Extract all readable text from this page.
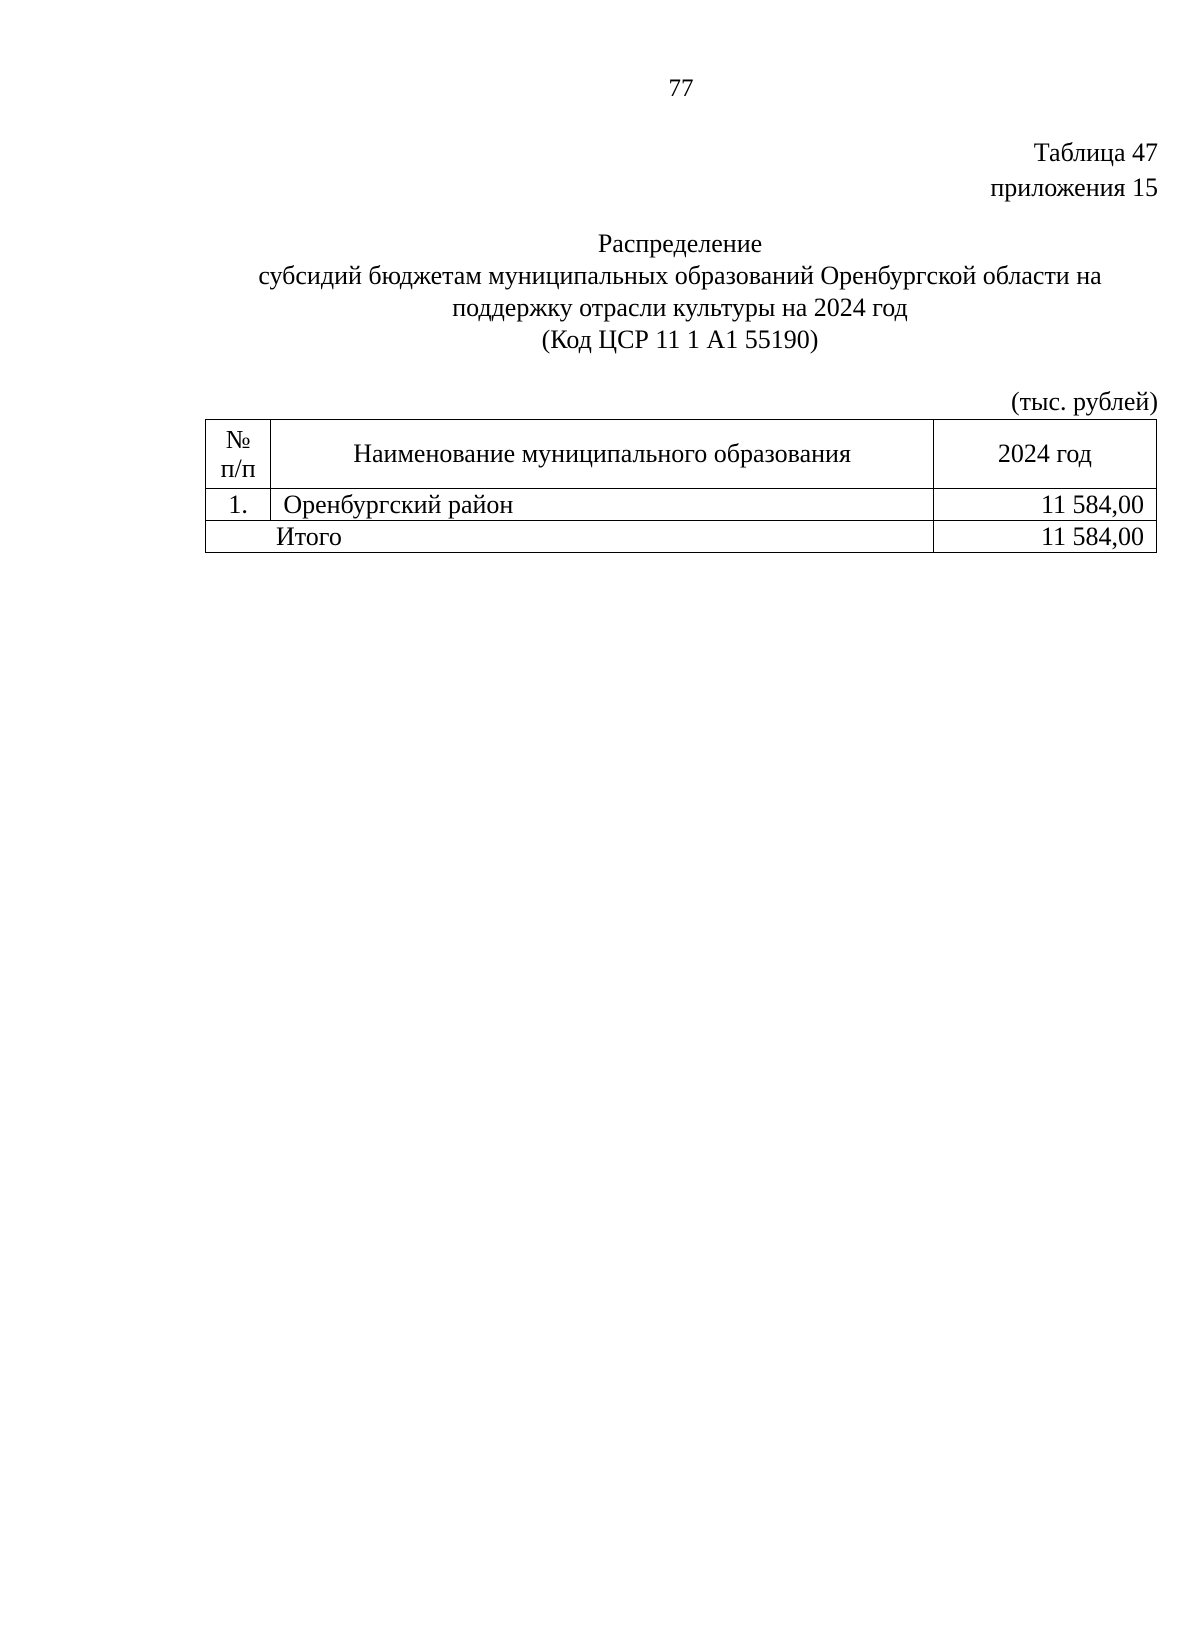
77
Таблица 47
приложения 15
Распределение
субсидий бюджетам муниципальных образований Оренбургской области на
поддержку отрасли культуры на 2024 год
(Код ЦСР 11 1 А1 55190)
(тыс. рублей)
№
п/п	Наименование муниципального образования	2024 год
1.	Оренбургский район	11 584,00
Итого		11 584,00
